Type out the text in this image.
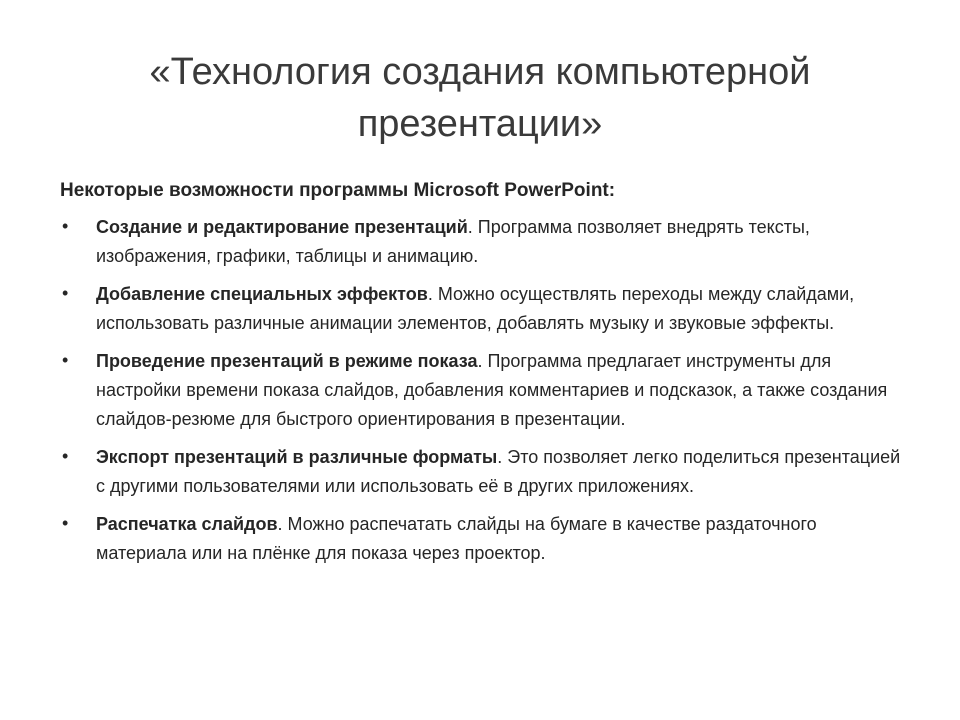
«Технология создания компьютерной презентации»

Некоторые возможности программы Microsoft PowerPoint:

• Создание и редактирование презентаций. Программа позволяет внедрять тексты, изображения, графики, таблицы и анимацию.
• Добавление специальных эффектов. Можно осуществлять переходы между слайдами, использовать различные анимации элементов, добавлять музыку и звуковые эффекты.
• Проведение презентаций в режиме показа. Программа предлагает инструменты для настройки времени показа слайдов, добавления комментариев и подсказок, а также создания слайдов-резюме для быстрого ориентирования в презентации.
• Экспорт презентаций в различные форматы. Это позволяет легко поделиться презентацией с другими пользователями или использовать её в других приложениях.
• Распечатка слайдов. Можно распечатать слайды на бумаге в качестве раздаточного материала или на плёнке для показа через проектор.
